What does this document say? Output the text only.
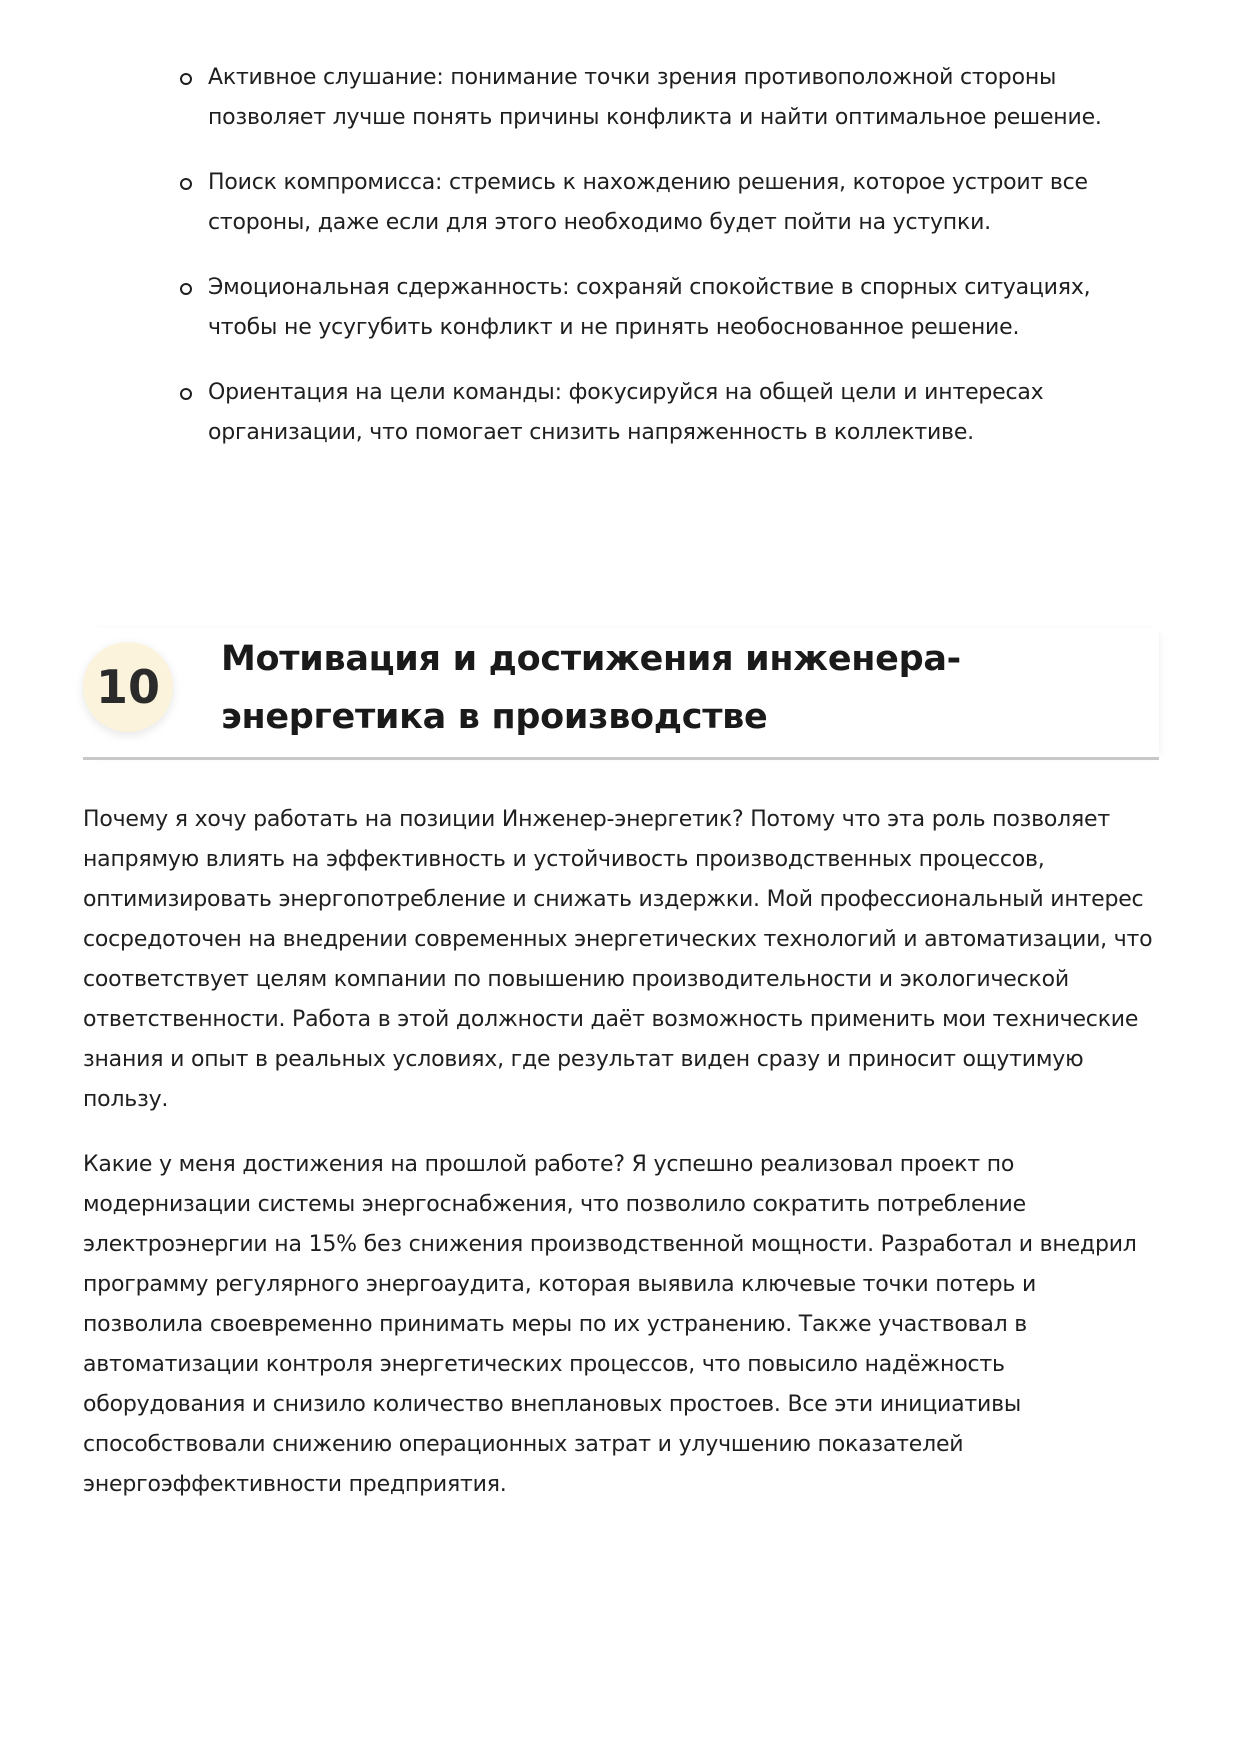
Активное слушание: понимание точки зрения противоположной стороны позволяет лучше понять причины конфликта и найти оптимальное решение.
Поиск компромисса: стремись к нахождению решения, которое устроит все стороны, даже если для этого необходимо будет пойти на уступки.
Эмоциональная сдержанность: сохраняй спокойствие в спорных ситуациях, чтобы не усугубить конфликт и не принять необоснованное решение.
Ориентация на цели команды: фокусируйся на общей цели и интересах организации, что помогает снизить напряженность в коллективе.
10
Мотивация и достижения инженера-энергетика в производстве

Почему я хочу работать на позиции Инженер-энергетик? Потому что эта роль позволяет напрямую влиять на эффективность и устойчивость производственных процессов, оптимизировать энергопотребление и снижать издержки. Мой профессиональный интерес сосредоточен на внедрении современных энергетических технологий и автоматизации, что соответствует целям компании по повышению производительности и экологической ответственности. Работа в этой должности даёт возможность применить мои технические знания и опыт в реальных условиях, где результат виден сразу и приносит ощутимую пользу.

Какие у меня достижения на прошлой работе? Я успешно реализовал проект по модернизации системы энергоснабжения, что позволило сократить потребление электроэнергии на 15% без снижения производственной мощности. Разработал и внедрил программу регулярного энергоаудита, которая выявила ключевые точки потерь и позволила своевременно принимать меры по их устранению. Также участвовал в автоматизации контроля энергетических процессов, что повысило надёжность оборудования и снизило количество внеплановых простоев. Все эти инициативы способствовали снижению операционных затрат и улучшению показателей энергоэффективности предприятия.
